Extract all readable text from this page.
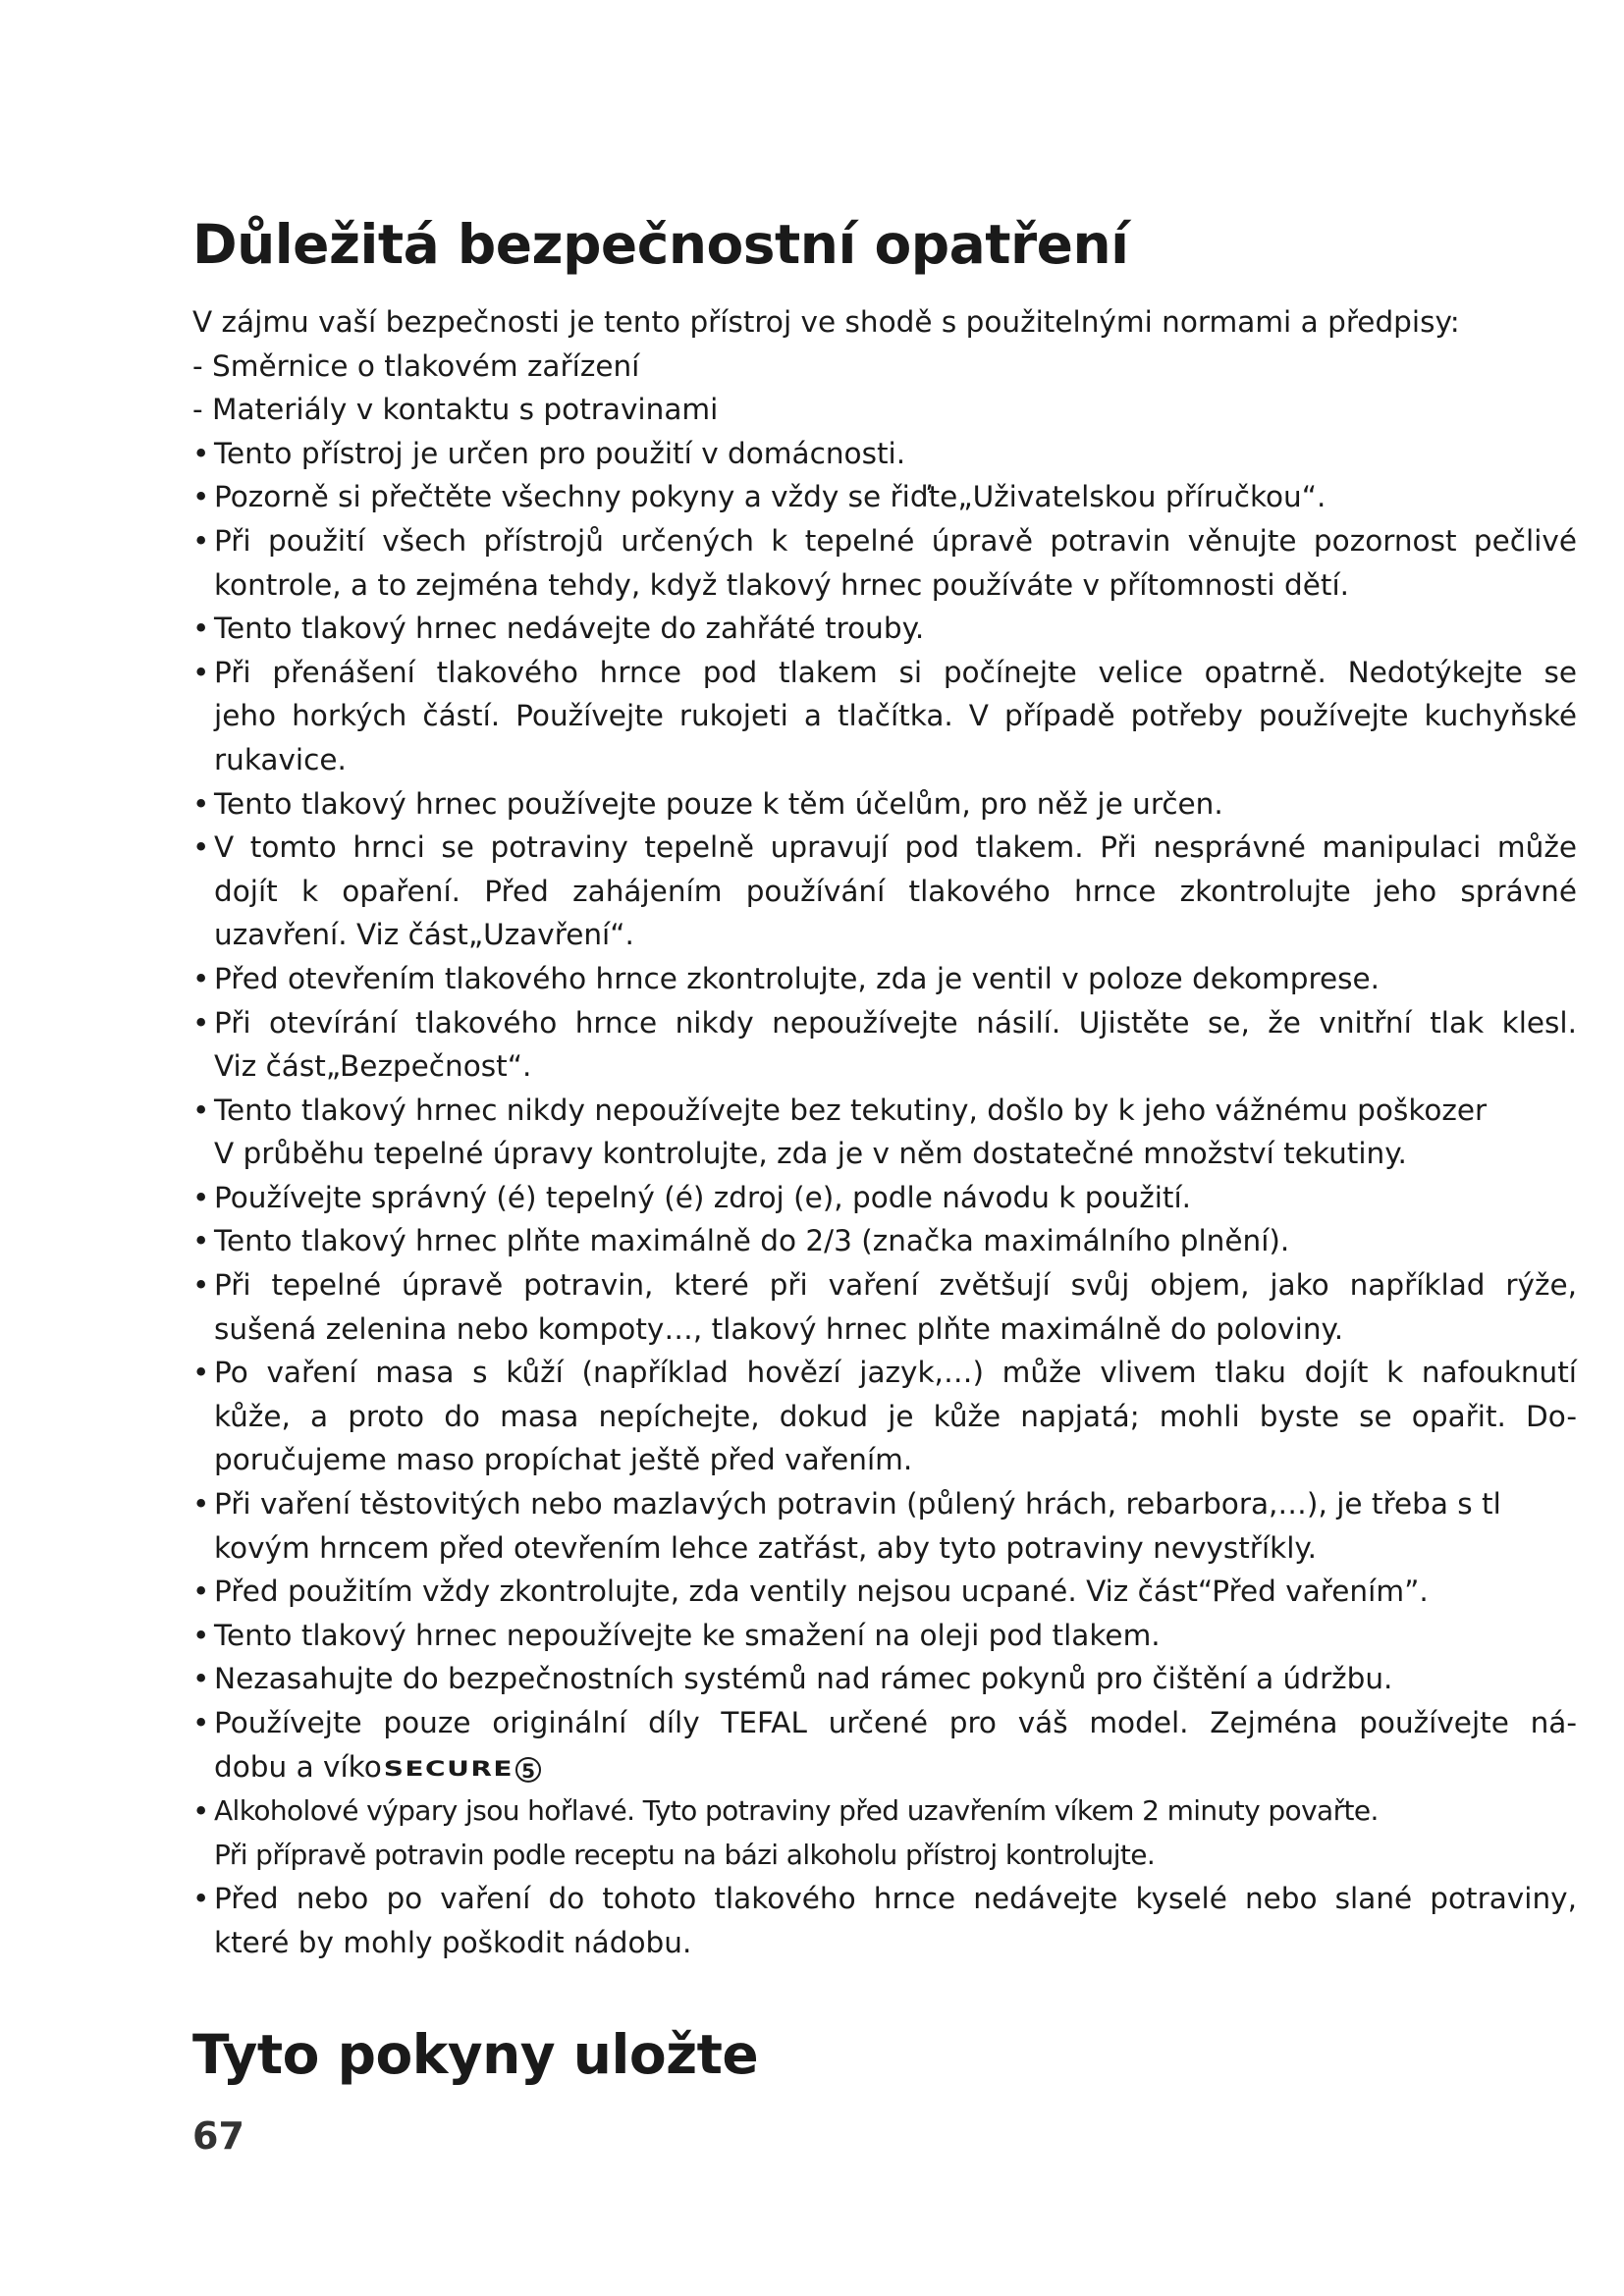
Důležitá bezpečnostní opatření
V zájmu vaší bezpečnosti je tento přístroj ve shodě s použitelnými normami a předpisy:
- Směrnice o tlakovém zařízení
- Materiály v kontaktu s potravinami
• Tento přístroj je určen pro použití v domácnosti.
• Pozorně si přečtěte všechny pokyny a vždy se řiďte„Uživatelskou příručkou“.
• Při použití všech přístrojů určených k tepelné úpravě potravin věnujte pozornost pečlivé
kontrole, a to zejména tehdy, když tlakový hrnec používáte v přítomnosti dětí.
• Tento tlakový hrnec nedávejte do zahřáté trouby.
• Při přenášení tlakového hrnce pod tlakem si počínejte velice opatrně. Nedotýkejte se
jeho horkých částí. Používejte rukojeti a tlačítka. V případě potřeby používejte kuchyňské
rukavice.
• Tento tlakový hrnec používejte pouze k těm účelům, pro něž je určen.
• V tomto hrnci se potraviny tepelně upravují pod tlakem. Při nesprávné manipulaci může
dojít k opaření. Před zahájením používání tlakového hrnce zkontrolujte jeho správné
uzavření. Viz část„Uzavření“.
• Před otevřením tlakového hrnce zkontrolujte, zda je ventil v poloze dekomprese.
• Při otevírání tlakového hrnce nikdy nepoužívejte násilí. Ujistěte se, že vnitřní tlak klesl.
Viz část„Bezpečnost“.
• Tento tlakový hrnec nikdy nepoužívejte bez tekutiny, došlo by k jeho vážnému poškozer
V průběhu tepelné úpravy kontrolujte, zda je v něm dostatečné množství tekutiny.
• Používejte správný (é) tepelný (é) zdroj (e), podle návodu k použití.
• Tento tlakový hrnec plňte maximálně do 2/3 (značka maximálního plnění).
• Při tepelné úpravě potravin, které při vaření zvětšují svůj objem, jako například rýže,
sušená zelenina nebo kompoty…, tlakový hrnec plňte maximálně do poloviny.
• Po vaření masa s kůží (například hovězí jazyk,…) může vlivem tlaku dojít k nafouknutí
kůže, a proto do masa nepíchejte, dokud je kůže napjatá; mohli byste se opařit. Do-
poručujeme maso propíchat ještě před vařením.
• Při vaření těstovitých nebo mazlavých potravin (půlený hrách, rebarbora,…), je třeba s tl
kovým hrncem před otevřením lehce zatřást, aby tyto potraviny nevystříkly.
• Před použitím vždy zkontrolujte, zda ventily nejsou ucpané. Viz část“Před vařením”.
• Tento tlakový hrnec nepoužívejte ke smažení na oleji pod tlakem.
• Nezasahujte do bezpečnostních systémů nad rámec pokynů pro čištění a údržbu.
• Používejte pouze originální díly TEFAL určené pro váš model. Zejména používejte ná-
dobu a víkoSECURE 5
• Alkoholové výpary jsou hořlavé. Tyto potraviny před uzavřením víkem 2 minuty povařte.
Při přípravě potravin podle receptu na bázi alkoholu přístroj kontrolujte.
• Před nebo po vaření do tohoto tlakového hrnce nedávejte kyselé nebo slané potraviny,
které by mohly poškodit nádobu.
Tyto pokyny uložte
67
